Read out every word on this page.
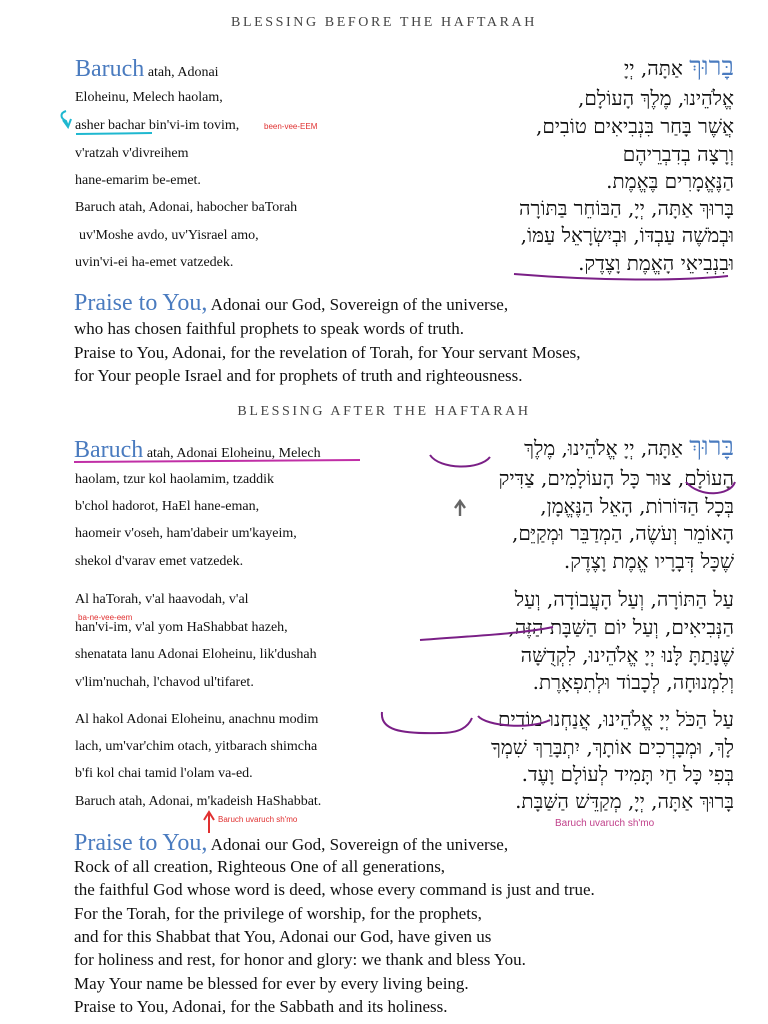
BLESSING BEFORE THE HAFTARAH
Baruch atah, Adonai
Eloheinu, Melech haolam,
asher bachar bin'vi-im tovim,	been-vee-EEM
v'ratzah v'divreihem
hane-emarim be-emet.
Baruch atah, Adonai, habocher baTorah
uv'Moshe avdo, uv'Yisrael amo,
uvin'vi-ei ha-emet vatzedek.
בָּרוּךְ אַתָּה, יְיָ
אֱלֹהֵינוּ, מֶלֶךְ הָעוֹלָם,
אֲשֶׁר בָּחַר בִּנְבִיאִים טוֹבִים,
וְרָצָה בְדִבְרֵיהֶם
הַנֶּאֱמָרִים בֶּאֱמֶת.
בָּרוּךְ אַתָּה, יְיָ, הַבּוֹחֵר בַּתּוֹרָה
וּבְמֹשֶׁה עַבְדּוֹ, וּבְיִשְׂרָאֵל עַמּוֹ,
וּבִנְבִיאֵי הָאֱמֶת וָצֶדֶק.
Praise to You, Adonai our God, Sovereign of the universe,
who has chosen faithful prophets to speak words of truth.
Praise to You, Adonai, for the revelation of Torah, for Your servant Moses,
for Your people Israel and for prophets of truth and righteousness.
BLESSING AFTER THE HAFTARAH
Baruch atah, Adonai Eloheinu, Melech
haolam, tzur kol haolamim, tzaddik
b'chol hadorot, HaEl hane-eman,
haomeir v'oseh, ham'dabeir um'kayeim,
shekol d'varav emet vatzedek.
Al haTorah, v'al haavodah, v'al
ba-ne-vee-eem
han'vi-im, v'al yom HaShabbat hazeh,
shenatata lanu Adonai Eloheinu, lik'dushah
v'lim'nuchah, l'chavod ul'tifaret.
Al hakol Adonai Eloheinu, anachnu modim
lach, um'var'chim otach, yitbarach shimcha
b'fi kol chai tamid l'olam va-ed.
Baruch atah, Adonai, m'kadeish HaShabbat.
Baruch uvaruch sh'mo	Baruch uvaruch sh'mo
בָּרוּךְ אַתָּה, יְיָ אֱלֹהֵינוּ, מֶלֶךְ
הָעוֹלָם, צוּר כָּל הָעוֹלָמִים, צַדִּיק
בְּכָל הַדּוֹרוֹת, הָאֵל הַנֶּאֱמָן,
הָאוֹמֵר וְעֹשֶׂה, הַמְדַבֵּר וּמְקַיֵּם,
שֶׁכָּל דְּבָרָיו אֱמֶת וָצֶדֶק.
עַל הַתּוֹרָה, וְעַל הָעֲבוֹדָה, וְעַל
הַנְּבִיאִים, וְעַל יוֹם הַשַּׁבָּת הַזֶּה,
שֶׁנָּתַתָּ לָּנוּ יְיָ אֱלֹהֵינוּ, לִקְדֻשָּׁה
וְלִמְנוּחָה, לְכָבוֹד וּלְתִפְאָרֶת.
עַל הַכֹּל יְיָ אֱלֹהֵינוּ, אֲנַחְנוּ מוֹדִים
לָךְ, וּמְבָרְכִים אוֹתָךְ, יִתְבָּרַךְ שִׁמְךָ
בְּפִי כָּל חַי תָּמִיד לְעוֹלָם וָעֶד.
בָּרוּךְ אַתָּה, יְיָ, מְקַדֵּשׁ הַשַּׁבָּת.
Praise to You, Adonai our God, Sovereign of the universe,
Rock of all creation, Righteous One of all generations,
the faithful God whose word is deed, whose every command is just and true.
For the Torah, for the privilege of worship, for the prophets,
and for this Shabbat that You, Adonai our God, have given us
for holiness and rest, for honor and glory: we thank and bless You.
May Your name be blessed for ever by every living being.
Praise to You, Adonai, for the Sabbath and its holiness.
